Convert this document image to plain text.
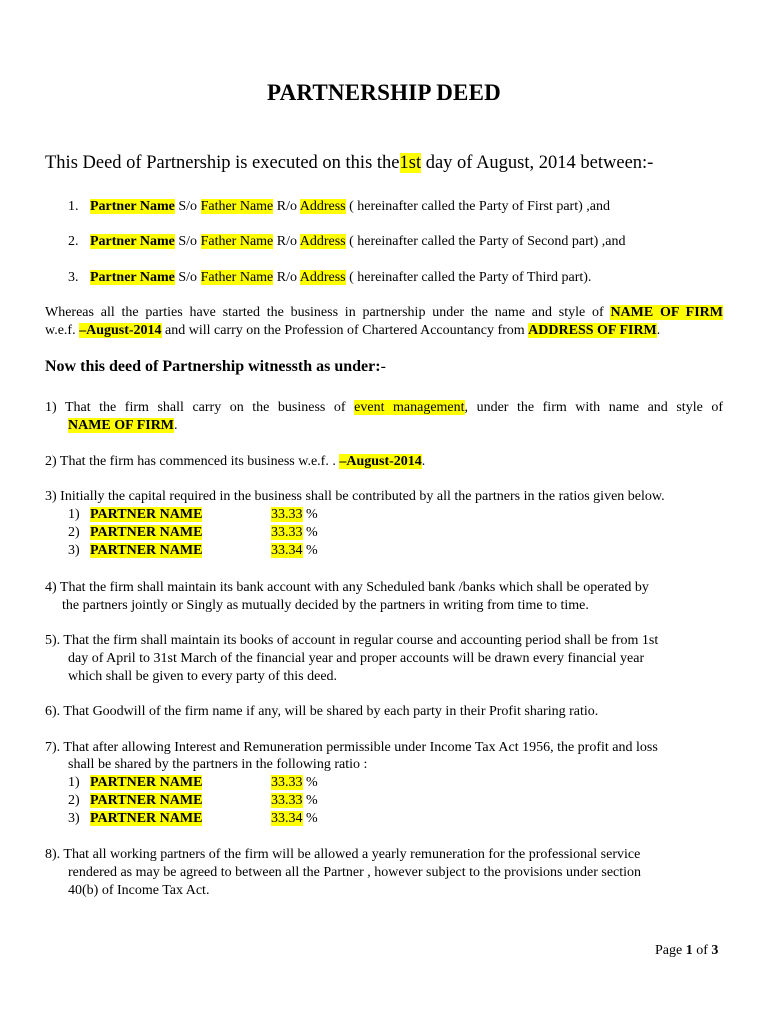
PARTNERSHIP DEED
This Deed of Partnership is executed on this the1st day of August, 2014 between:-
1. Partner Name S/o Father Name R/o Address ( hereinafter called the Party of First part) ,and
2. Partner Name S/o Father Name R/o Address ( hereinafter called the Party of Second part) ,and
3. Partner Name S/o Father Name R/o Address ( hereinafter called the Party of Third part).
Whereas all the parties have started the business in partnership under the name and style of NAME OF FIRM
w.e.f. –August-2014 and will carry on the Profession of Chartered Accountancy from ADDRESS OF FIRM.
Now this deed of Partnership witnessth as under:-
1) That the firm shall carry on the business of event management, under the firm with name and style of
NAME OF FIRM.
2) That the firm has commenced its business w.e.f. . –August-2014.
3) Initially the capital required in the business shall be contributed by all the partners in the ratios given below.
1) PARTNER NAME	33.33 %
2) PARTNER NAME	33.33 %
3) PARTNER NAME	33.34 %
4) That the firm shall maintain its bank account with any Scheduled bank /banks which shall be operated by
the partners jointly or Singly as mutually decided by the partners in writing from time to time.
5). That the firm shall maintain its books of account in regular course and accounting period shall be from 1st
day of April to 31st March of the financial year and proper accounts will be drawn every financial year
which shall be given to every party of this deed.
6). That Goodwill of the firm name if any, will be shared by each party in their Profit sharing ratio.
7). That after allowing Interest and Remuneration permissible under Income Tax Act 1956, the profit and loss
shall be shared by the partners in the following ratio :
1) PARTNER NAME	33.33 %
2) PARTNER NAME	33.33 %
3) PARTNER NAME	33.34 %
8). That all working partners of the firm will be allowed a yearly remuneration for the professional service
rendered as may be agreed to between all the Partner , however subject to the provisions under section
40(b) of Income Tax Act.
Page 1 of 3
